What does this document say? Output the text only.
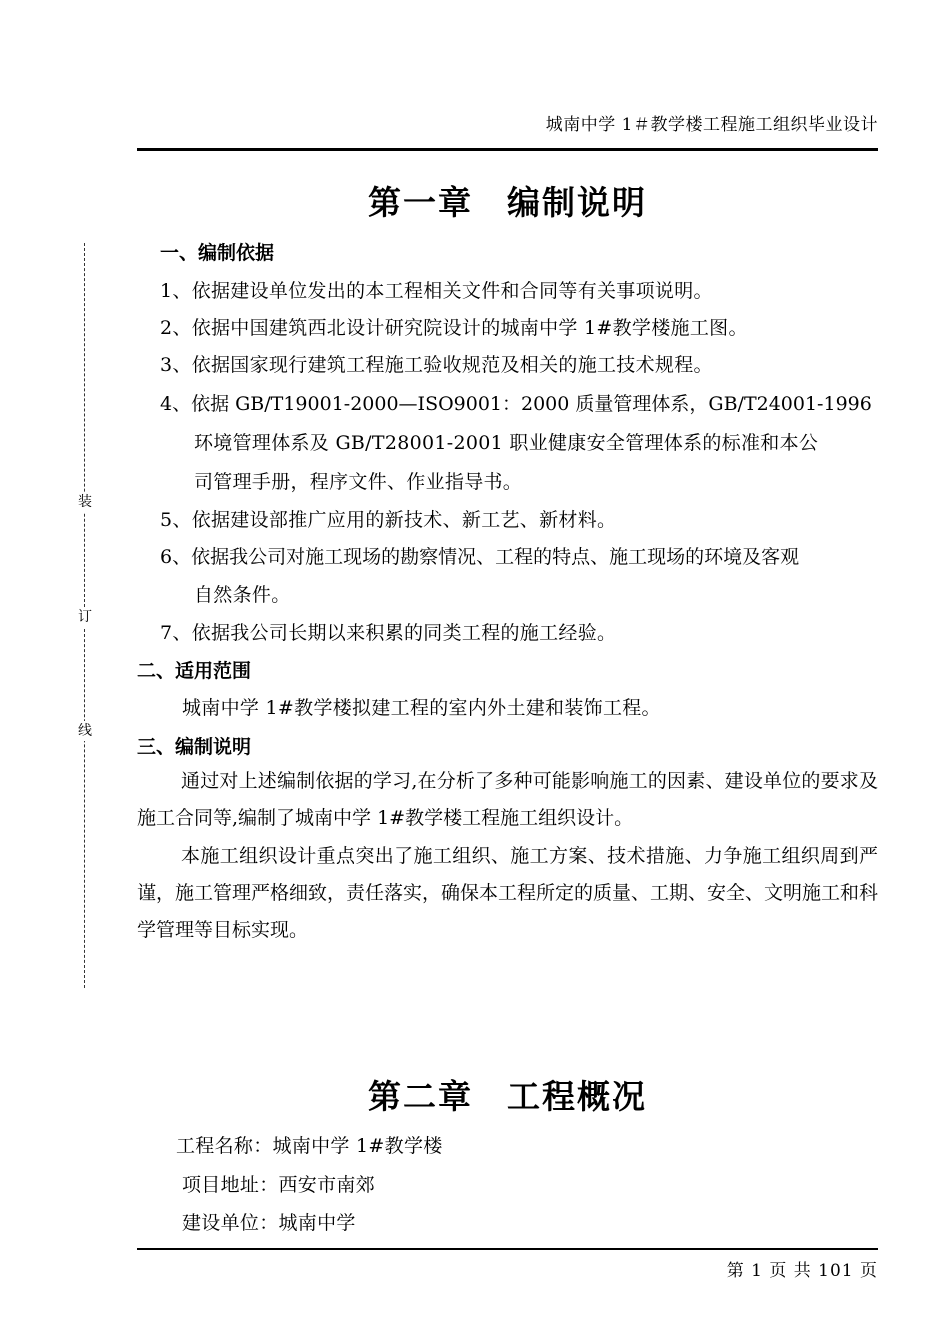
城南中学 1＃教学楼工程施工组织毕业设计
装
订
线
第一章 编制说明
一、编制依据
1、依据建设单位发出的本工程相关文件和合同等有关事项说明。
2、依据中国建筑西北设计研究院设计的城南中学 1#教学楼施工图。
3、依据国家现行建筑工程施工验收规范及相关的施工技术规程。
4、依据 GB/T19001-2000—ISO9001：2000 质量管理体系，GB/T24001-1996
环境管理体系及 GB/T28001-2001 职业健康安全管理体系的标准和本公
司管理手册，程序文件、作业指导书。
5、依据建设部推广应用的新技术、新工艺、新材料。
6、依据我公司对施工现场的勘察情况、工程的特点、施工现场的环境及客观
自然条件。
7、依据我公司长期以来积累的同类工程的施工经验。
二、适用范围
城南中学 1#教学楼拟建工程的室内外土建和装饰工程。
三、编制说明
通过对上述编制依据的学习,在分析了多种可能影响施工的因素、建设单位的要求及施工合同等,编制了城南中学 1#教学楼工程施工组织设计。
本施工组织设计重点突出了施工组织、施工方案、技术措施、力争施工组织周到严谨，施工管理严格细致，责任落实，确保本工程所定的质量、工期、安全、文明施工和科学管理等目标实现。
第二章 工程概况
工程名称：城南中学 1#教学楼
项目地址：西安市南郊
建设单位：城南中学
第 1 页 共 101 页
